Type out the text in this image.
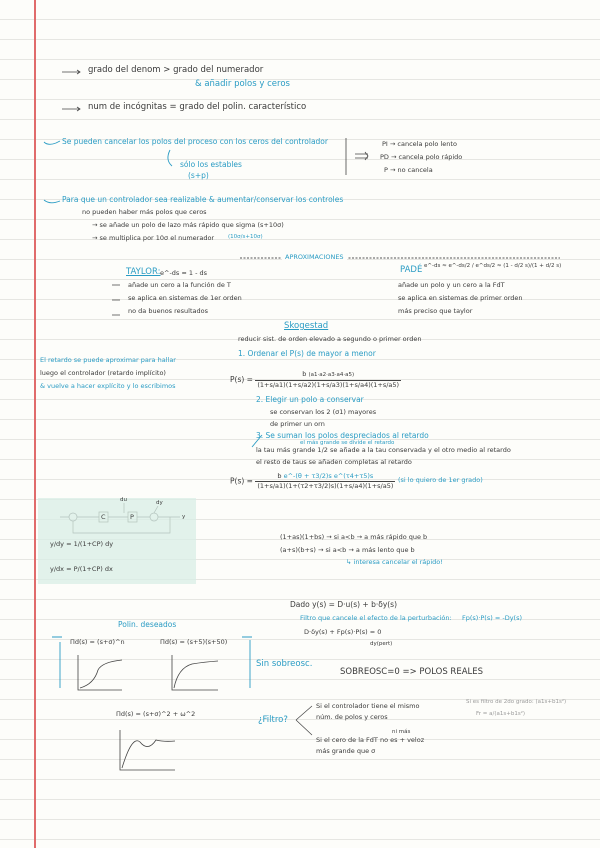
grado del denom > grado del numerador
& añadir polos y ceros
num de incógnitas = grado del polin. característico
Se pueden cancelar los polos del proceso con los ceros del controlador
sólo los estables
(s+p)
PI → cancela polo lento
PD → cancela polo rápido
P → no cancela
Para que un controlador sea realizable & aumentar/conservar los controles
no pueden haber más polos que ceros
→ se añade un polo de lazo más rápido que sigma (s+10σ)
→ se multiplica por 10σ el numerador	(10σ/s+10σ)
APROXIMACIONES
TAYLOR: e^-ds ≈ 1 - ds
añade un cero a la función de T
se aplica en sistemas de 1er orden
no da buenos resultados
PADÉ e^-ds ≈ e^-ds/2 / e^ds/2 ≈ (1 - d/2 s)/(1 + d/2 s)
añade un polo y un cero a la FdT
se aplica en sistemas de primer orden
más preciso que taylor
Skogestad
reducir sist. de orden elevado a segundo o primer orden
1. Ordenar el P(s) de mayor a menor
El retardo se puede aproximar para hallar
luego el controlador (retardo implícito)
& vuelve a hacer explícito y lo escribimos
$P(s) = \frac{b (a1\cdot a2\cdot a3\cdot a4\cdot a5)}{(1+s/a1)(1+s/a2)(1+s/a3)(1+s/a4)(1+s/a5)}$
2. Elegir un polo a conservar
se conservan los 2 (σ1) mayores
de primer un orn
3. Se suman los polos despreciados al retardo
el más grande se divide el retardo
la tau más grande 1/2 se añade a la tau conservada y el otro medio al retardo
el resto de taus se añaden completas al retardo
$P(s) = \frac{\text{b e\textasciicircum{}-(θ + τ3/2)s e\textasciicircum{}(τ4+τ5)s}}{(1+s/a1)(1+(\tau 2+\tau 3/2)s)(1+s/a4)(1+s/a5)} (si$ lo quiero de 1er grado)
C	P
du	dy
y
y/dy = 1/(1+CP) dy
y/dx = P/(1+CP) dx
(1+as)(1+bs) → si a<b → a más rápido que b
(a+s)(b+s) → si a<b → a más lento que b
↳ interesa cancelar el rápido!
Dado y(s) = D·u(s) + b·δy(s)
Filtro que cancele el efecto de la perturbación: Fp(s)·P(s) = -Dy(s)
D·δy(s) + Fp(s)·P(s) = 0
dy(pert)
Polin. deseados
Πd(s) = (s+σ)^n	Πd(s) = (s+5)(s+50)
Sin sobreosc.
SOBREOSC=0 => POLOS REALES
Πd(s) = (s+σ)^2 + ω^2
Si es filtro de 2do grado: (a1s+b1s²)
Fr = a/(a1s+b1s²)
¿Filtro?
Si el controlador tiene el mismo
núm. de polos y ceros
ni más
Si el cero de la FdT no es + veloz
más grande que σ
